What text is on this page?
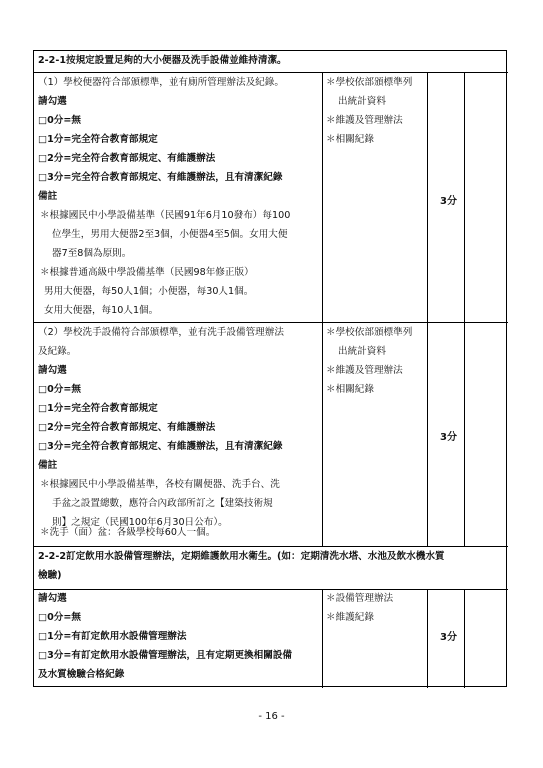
2-2-1按規定設置足夠的大小便器及洗手設備並維持清潔。
（1）學校便器符合部頒標準，並有廁所管理辦法及紀錄。
請勾選
□0分=無
□1分=完全符合教育部規定
□2分=完全符合教育部規定、有維護辦法
□3分=完全符合教育部規定、有維護辦法，且有清潔紀錄
備註
＊根據國民中小學設備基準（民國91年6月10發布）每100
位學生，男用大便器2至3個，小便器4至5個。女用大便
器7至8個為原則。
＊根據普通高級中學設備基準（民國98年修正版）
男用大便器，每50人1個；小便器，每30人1個。
女用大便器，每10人1個。
＊學校依部頒標準列
出統計資料
＊維護及管理辦法
＊相關紀錄
3分
（2）學校洗手設備符合部頒標準，並有洗手設備管理辦法
及紀錄。
請勾選
□0分=無
□1分=完全符合教育部規定
□2分=完全符合教育部規定、有維護辦法
□3分=完全符合教育部規定、有維護辦法，且有清潔紀錄
備註
＊根據國民中小學設備基準，各校有關便器、洗手台、洗
手盆之設置總數，應符合內政部所訂之【建築技術規
則】之規定（民國100年6月30日公布）。
＊洗手（面）盆：各級學校每60人一個。
＊學校依部頒標準列
出統計資料
＊維護及管理辦法
＊相關紀錄
3分
2-2-2訂定飲用水設備管理辦法，定期維護飲用水衛生。(如：定期清洗水塔、水池及飲水機水質
檢驗)
請勾選
□0分=無
□1分=有訂定飲用水設備管理辦法
□3分=有訂定飲用水設備管理辦法，且有定期更換相關設備
及水質檢驗合格紀錄
＊設備管理辦法
＊維護紀錄
3分
- 16 -
